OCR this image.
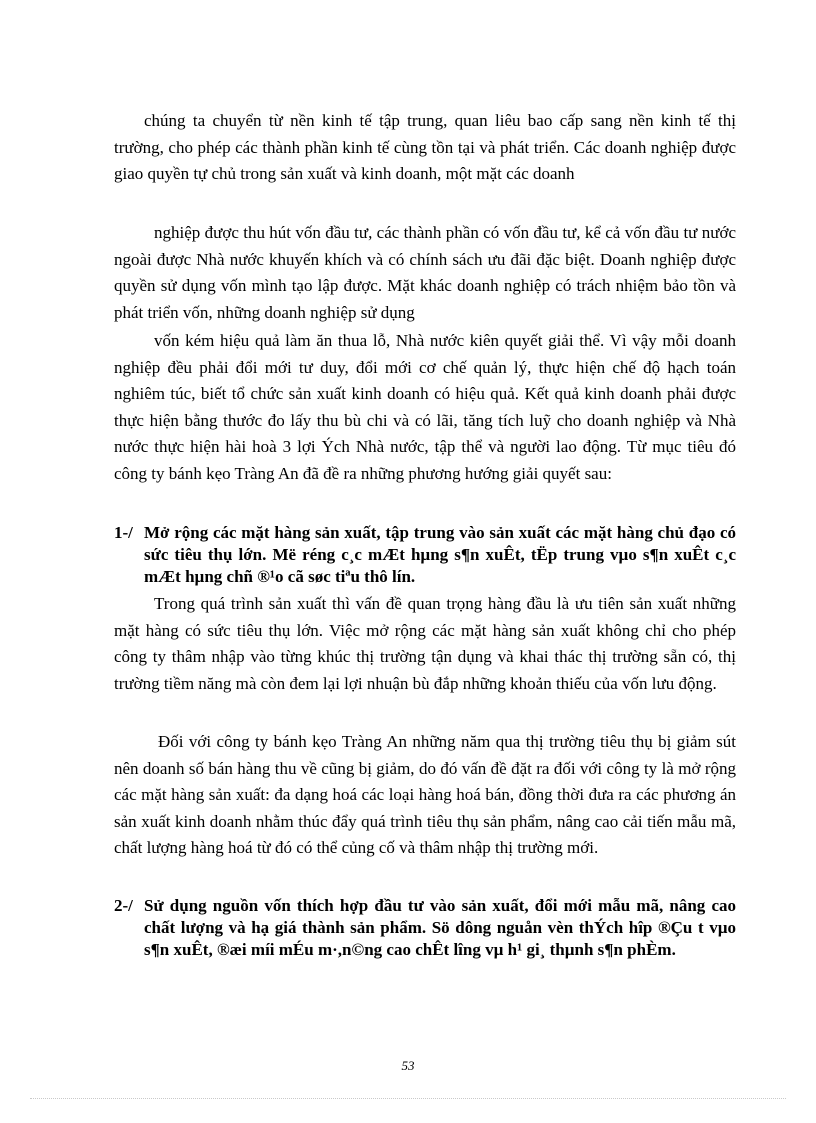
chúng ta chuyển từ nền kinh tế tập trung, quan liêu bao cấp sang nền kinh tế thị trường, cho phép các thành phần kinh tế cùng tồn tại và phát triển. Các doanh nghiệp được giao quyền tự chủ trong sản xuất và kinh doanh, một mặt các doanh

nghiệp được thu hút vốn đầu tư, các thành phần có vốn đầu tư, kể cả vốn đầu tư nước ngoài được Nhà nước khuyến khích và có chính sách ưu đãi đặc biệt. Doanh nghiệp được quyền sử dụng vốn mình tạo lập được. Mặt khác doanh nghiệp có trách nhiệm bảo tồn và phát triển vốn, những doanh nghiệp sử dụng

vốn kém hiệu quả làm ăn thua lỗ, Nhà nước kiên quyết giải thể. Vì vậy mỗi doanh nghiệp đều phải đổi mới tư duy, đổi mới cơ chế quản lý, thực hiện chế độ hạch toán nghiêm túc, biết tổ chức sản xuất kinh doanh có hiệu quả. Kết quả kinh doanh phải được thực hiện bằng thước đo lấy thu bù chi và có lãi, tăng tích luỹ cho doanh nghiệp và Nhà nước thực hiện hài hoà 3 lợi Ých Nhà nước, tập thể và người lao động. Từ mục tiêu đó công ty bánh kẹo Tràng An đã đề ra những phương hướng giải quyết sau:

1-/ Mở rộng các mặt hàng sản xuất, tập trung vào sản xuất các mặt hàng chủ đạo có sức tiêu thụ lớn. Më réng c¸c mÆt hµng s¶n xuÊt, tËp trung vµo s¶n xuÊt c¸c mÆt hµng chñ ®¹o cã søc tiªu thô lín.

Trong quá trình sản xuất thì vấn đề quan trọng hàng đầu là ưu tiên sản xuất những mặt hàng có sức tiêu thụ lớn. Việc mở rộng các mặt hàng sản xuất không chỉ cho phép công ty thâm nhập vào từng khúc thị trường tận dụng và khai thác thị trường sẵn có, thị trường tiềm năng mà còn đem lại lợi nhuận bù đắp những khoản thiếu của vốn lưu động.

Đối với công ty bánh kẹo Tràng An những năm qua thị trường tiêu thụ bị giảm sút nên doanh số bán hàng thu về cũng bị giảm, do đó vấn đề đặt ra đối với công ty là mở rộng các mặt hàng sản xuất: đa dạng hoá các loại hàng hoá bán, đồng thời đưa ra các phương án sản xuất kinh doanh nhằm thúc đẩy quá trình tiêu thụ sản phẩm, nâng cao cải tiến mẫu mã, chất lượng hàng hoá từ đó có thể củng cố và thâm nhập thị trường mới.

2-/ Sử dụng nguồn vốn thích hợp đầu tư vào sản xuất, đổi mới mẫu mã, nâng cao chất lượng và hạ giá thành sản phẩm. Sö dông nguån vèn thÝch hîp ®Çu t vµo s¶n xuÊt, ®æi míi mÉu m·,n©ng cao chÊt lîng vµ h¹ gi¸ thµnh s¶n phÈm.
53
